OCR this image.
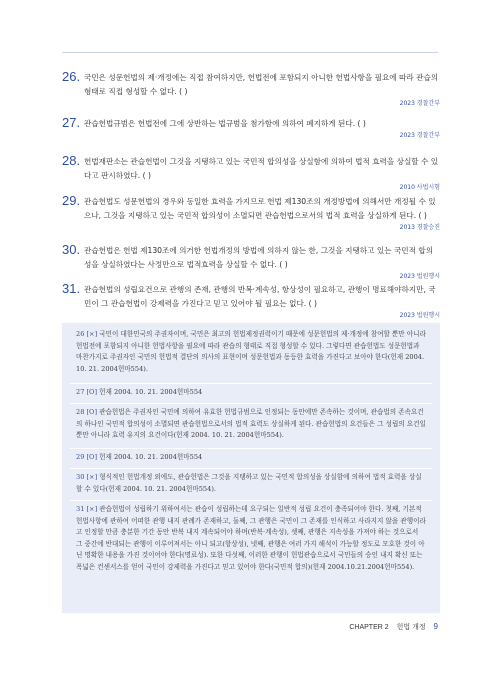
26. 국민은 성문헌법의 제·개정에는 직접 참여하지만, 헌법전에 포함되지 아니한 헌법사항을 필요에 따라 관습의 형태로 직접 형성할 수 없다. ( )
2023 경찰간부
27. 관습헌법규범은 헌법전에 그에 상반하는 법규범을 첨가함에 의하여 폐지하게 된다. ( )
2023 경찰간부
28. 헌법재판소는 관습헌법이 그것을 지탱하고 있는 국민적 합의성을 상실함에 의하여 법적 효력을 상실할 수 있다고 판시하였다. ( )
2010 사법시험
29. 관습헌법도 성문헌법의 경우와 동일한 효력을 가지므로 헌법 제130조의 개정방법에 의해서만 개정될 수 있으나, 그것을 지탱하고 있는 국민적 합의성이 소멸되면 관습헌법으로서의 법적 효력을 상실하게 된다. ( )
2013 경찰승진
30. 관습헌법은 헌법 제130조에 의거한 헌법개정의 방법에 의하지 않는 한, 그것을 지탱하고 있는 국민적 합의성을 상실하였다는 사정만으로 법적효력을 상실할 수 없다. ( )
2023 법원행시
31. 관습헌법의 성립요건으로 관행의 존재, 관행의 반복·계속성, 항상성이 필요하고, 관행이 명료해야하지만, 국민이 그 관습헌법이 강제력을 가진다고 믿고 있어야 될 필요는 없다. ( )
2023 법원행시
26 [×] 국민이 대한민국의 주권자이며, 국민은 최고의 헌법제정권력이기 때문에 성문헌법의 제·개정에 참여할 뿐만 아니라 헌법전에 포함되지 아니한 헌법사항을 필요에 따라 관습의 형태로 직접 형성할 수 있다. 그렇다면 관습헌법도 성문헌법과 마찬가지로 주권자인 국민의 헌법적 결단의 의사의 표현이며 성문헌법과 동등한 효력을 가진다고 보아야 한다(헌재 2004. 10. 21. 2004헌마554).
27 [O] 헌재 2004. 10. 21. 2004헌마554
28 [O] 관습헌법은 주권자인 국민에 의하여 유효한 헌법규범으로 인정되는 동안에만 존속하는 것이며, 관습법의 존속요건의 하나인 국민적 합의성이 소멸되면 관습헌법으로서의 법적 효력도 상실하게 된다. 관습헌법의 요건들은 그 성립의 요건일 뿐만 아니라 효력 유지의 요건이다(헌재 2004. 10. 21. 2004헌마554).
29 [O] 헌재 2004. 10. 21. 2004헌마554
30 [×] 형식적인 헌법개정 외에도, 관습헌법은 그것을 지탱하고 있는 국민적 합의성을 상실함에 의하여 법적 효력을 상실할 수 있다(헌재 2004. 10. 21. 2004헌마554).
31 [×] 관습헌법이 성립하기 위하여서는 관습이 성립하는데 요구되는 일반적 성립 요건이 충족되어야 한다. 첫째, 기본적 헌법사항에 관하여 어떠한 관행 내지 관례가 존재하고, 둘째, 그 관행은 국민이 그 존재를 인식하고 사라지지 않을 관행이라고 인정할 만큼 충분한 기간 동안 반복 내지 계속되어야 하며(반복·계속성), 셋째, 관행은 지속성을 가져야 하는 것으로서 그 중간에 반대되는 관행이 이루어져서는 아니 되고(항상성), 넷째, 관행은 여러 가지 해석이 가능할 정도로 모호한 것이 아닌 명확한 내용을 가진 것이어야 한다(명료성). 또한 다섯째, 이러한 관행이 헌법관습으로서 국민들의 승인 내지 확신 또는 폭넓은 컨센서스를 얻어 국민이 강제력을 가진다고 믿고 있어야 한다(국민적 합의)(헌재 2004.10.21.2004헌마554).
CHAPTER 2 헌법 개정 9
